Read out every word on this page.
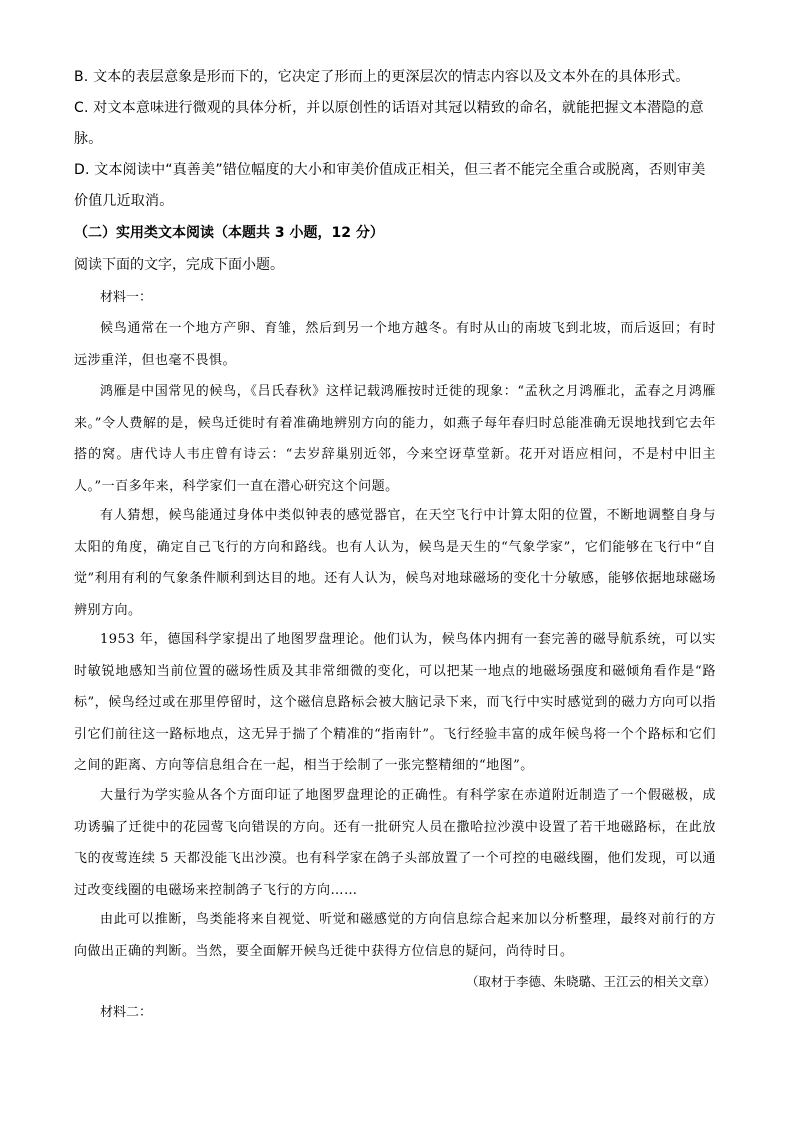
B. 文本的表层意象是形而下的，它决定了形而上的更深层次的情志内容以及文本外在的具体形式。
C. 对文本意味进行微观的具体分析，并以原创性的话语对其冠以精致的命名，就能把握文本潜隐的意脉。
D. 文本阅读中“真善美”错位幅度的大小和审美价值成正相关，但三者不能完全重合或脱离，否则审美价值几近取消。
（二）实用类文本阅读（本题共 3 小题，12 分）
阅读下面的文字，完成下面小题。
材料一：
候鸟通常在一个地方产卵、育雏，然后到另一个地方越冬。有时从山的南坡飞到北坡，而后返回；有时远涉重洋，但也毫不畏惧。
鸿雁是中国常见的候鸟，《吕氏春秋》这样记载鸿雁按时迁徙的现象：“孟秋之月鸿雁北，孟春之月鸿雁来。”令人费解的是，候鸟迁徙时有着准确地辨别方向的能力，如燕子每年春归时总能准确无误地找到它去年搭的窝。唐代诗人韦庄曾有诗云：“去岁辞巢别近邻，今来空讶草堂新。花开对语应相问，不是村中旧主人。”一百多年来，科学家们一直在潜心研究这个问题。
有人猜想，候鸟能通过身体中类似钟表的感觉器官，在天空飞行中计算太阳的位置，不断地调整自身与太阳的角度，确定自己飞行的方向和路线。也有人认为，候鸟是天生的“气象学家”，它们能够在飞行中“自觉”利用有利的气象条件顺利到达目的地。还有人认为，候鸟对地球磁场的变化十分敏感，能够依据地球磁场辨别方向。
1953 年，德国科学家提出了地图罗盘理论。他们认为，候鸟体内拥有一套完善的磁导航系统，可以实时敏锐地感知当前位置的磁场性质及其非常细微的变化，可以把某一地点的地磁场强度和磁倾角看作是“路标”，候鸟经过或在那里停留时，这个磁信息路标会被大脑记录下来，而飞行中实时感觉到的磁力方向可以指引它们前往这一路标地点，这无异于揣了个精准的“指南针”。飞行经验丰富的成年候鸟将一个个路标和它们之间的距离、方向等信息组合在一起，相当于绘制了一张完整精细的“地图”。
大量行为学实验从各个方面印证了地图罗盘理论的正确性。有科学家在赤道附近制造了一个假磁极，成功诱骗了迁徙中的花园莺飞向错误的方向。还有一批研究人员在撒哈拉沙漠中设置了若干地磁路标，在此放飞的夜莺连续 5 天都没能飞出沙漠。也有科学家在鸽子头部放置了一个可控的电磁线圈，他们发现，可以通过改变线圈的电磁场来控制鸽子飞行的方向……
由此可以推断，鸟类能将来自视觉、听觉和磁感觉的方向信息综合起来加以分析整理，最终对前行的方向做出正确的判断。当然，要全面解开候鸟迁徙中获得方位信息的疑问，尚待时日。
（取材于李德、朱晓璐、王江云的相关文章）
材料二：
